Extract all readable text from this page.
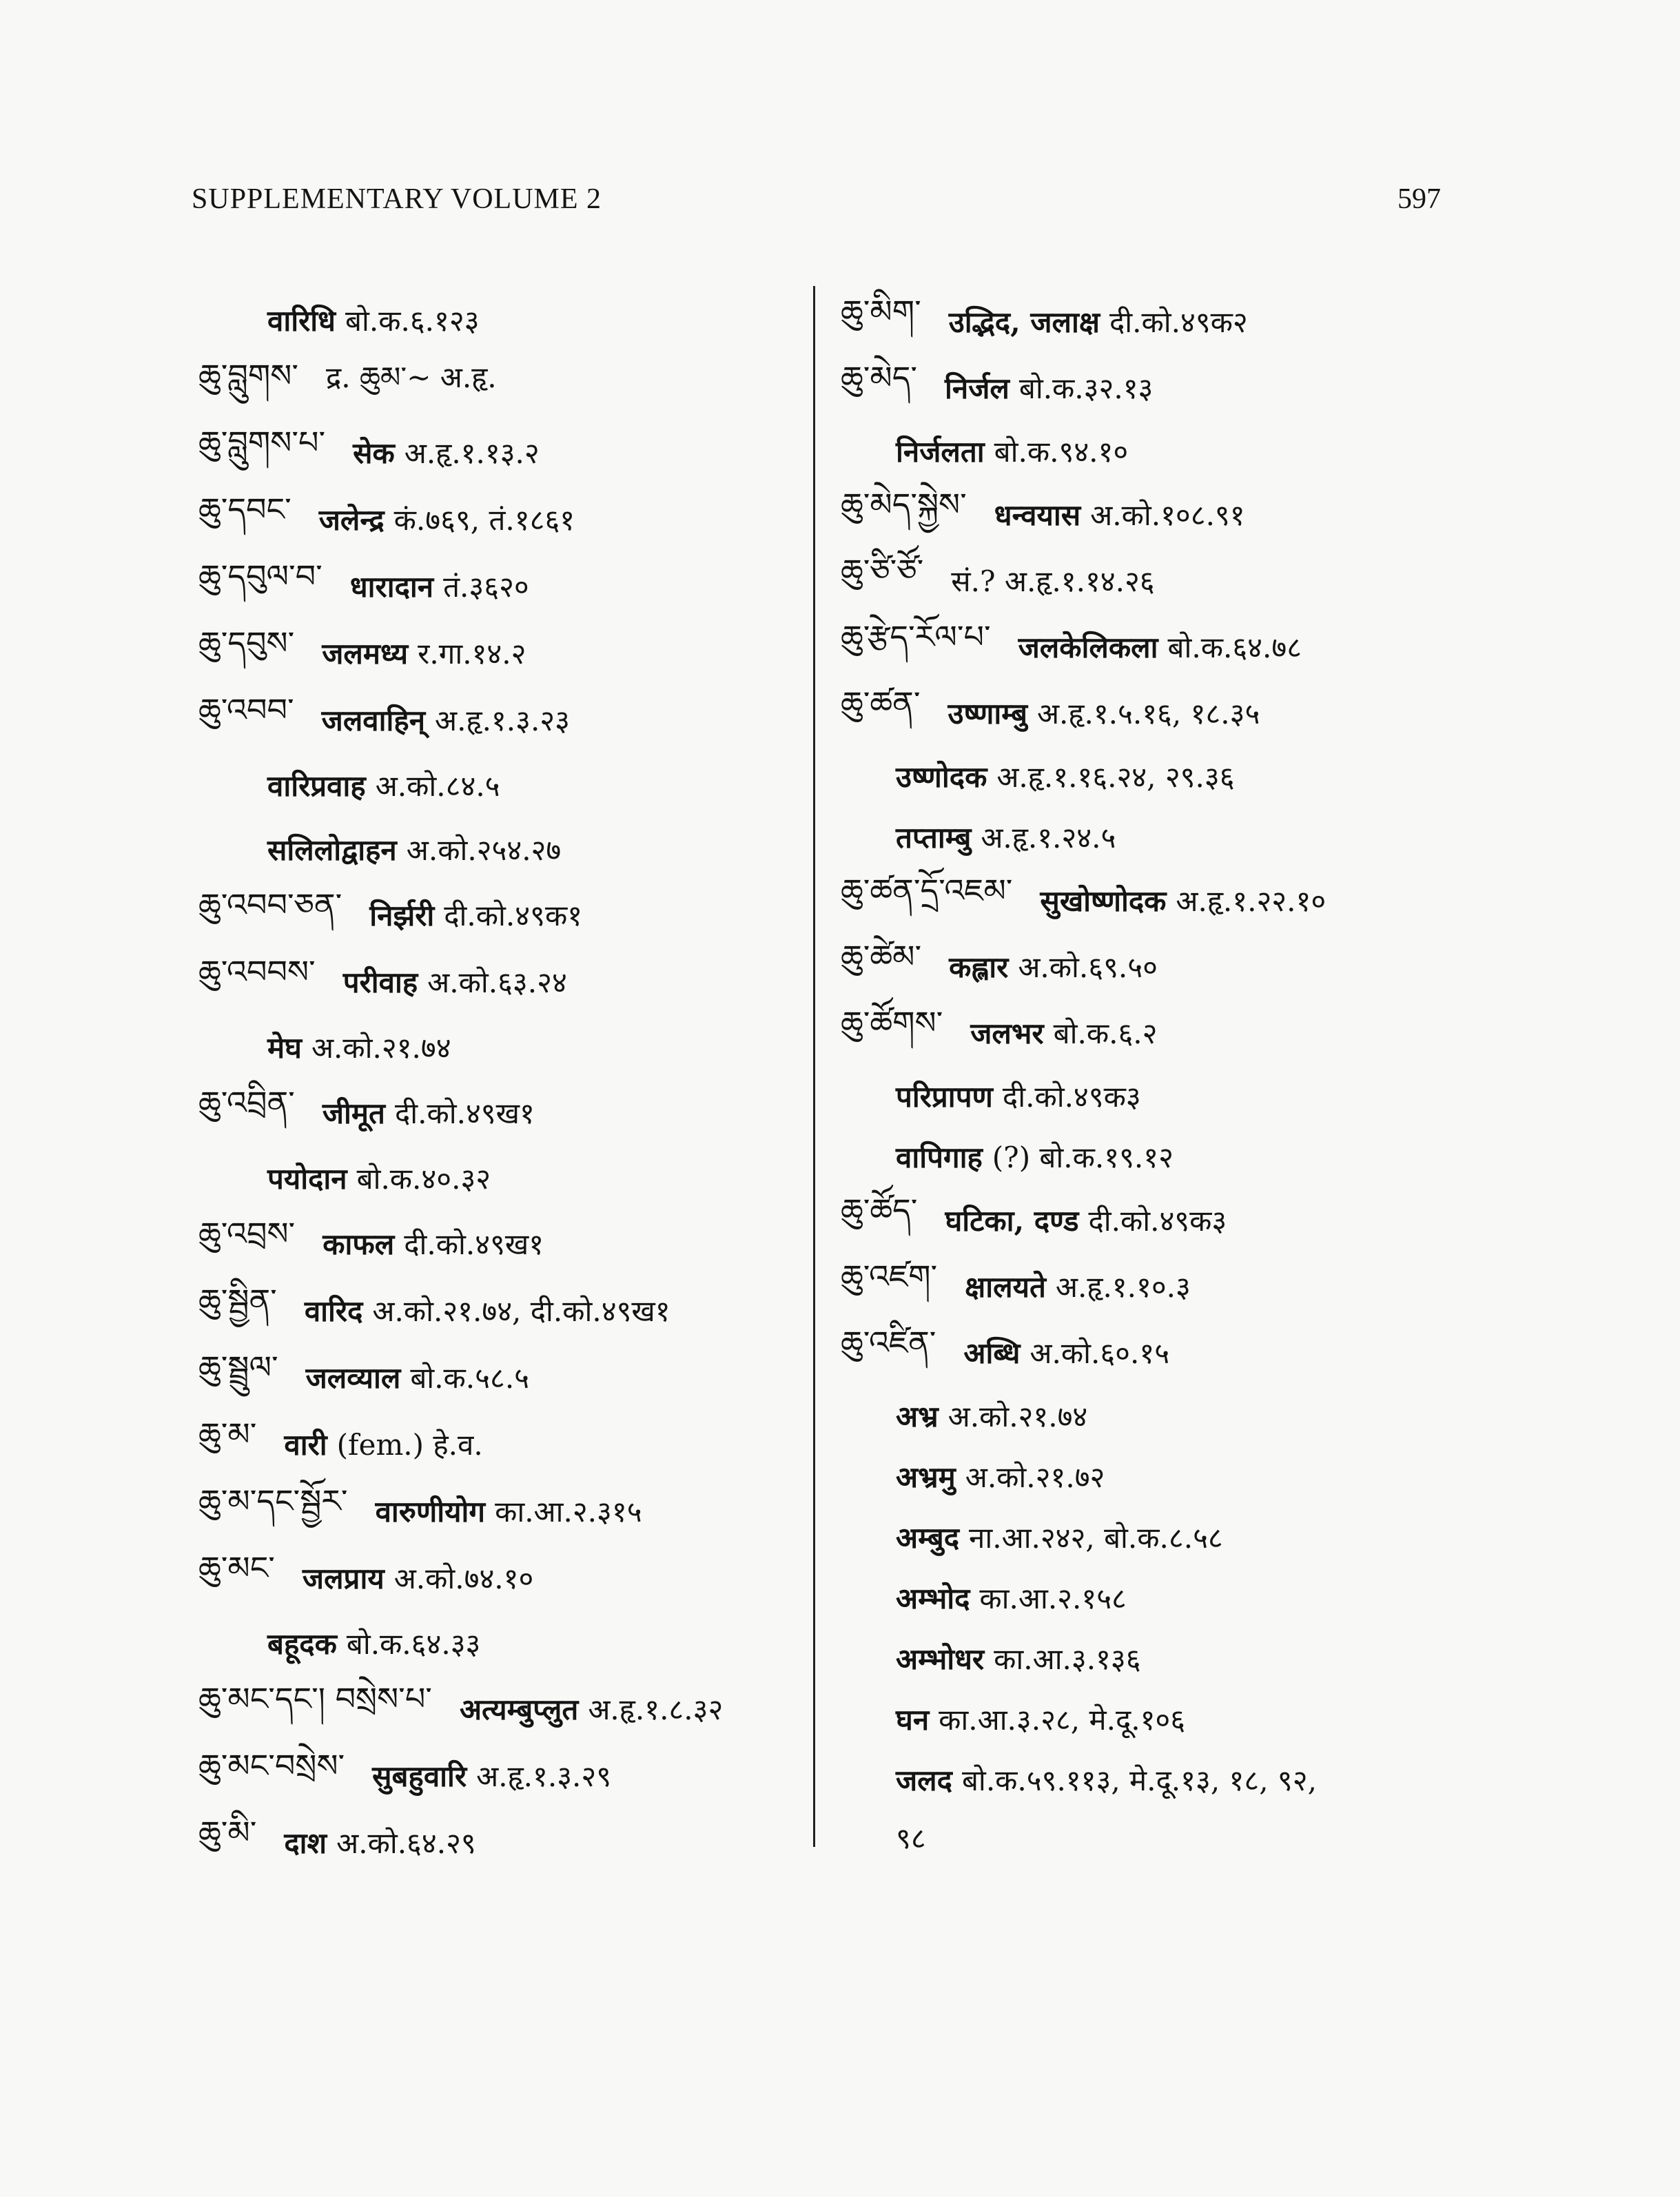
SUPPLEMENTARY VOLUME 2	597
वारिधि बो.क.६.१२३
ཆུ་བླུགས་ द्र. ཆུམ་~ अ.हृ.
ཆུ་བླུགས་པ་ सेक अ.हृ.१.१३.२
ཆུ་དབང་ जलेन्द्र कं.७६९, तं.१८६१
ཆུ་དབུལ་བ་ धारादान तं.३६२०
ཆུ་དབུས་ जलमध्य र.गा.१४.२
ཆུ་འབབ་ जलवाहिन् अ.हृ.१.३.२३
वारिप्रवाह अ.को.८४.५
सलिलोद्वाहन अ.को.२५४.२७
ཆུ་འབབ་ཅན་ निर्झरी दी.को.४९क१
ཆུ་འབབས་ परीवाह अ.को.६३.२४
मेघ अ.को.२१.७४
ཆུ་འབྲིན་ जीमूत दी.को.४९ख१
पयोदान बो.क.४०.३२
ཆུ་འབྲས་ काफल दी.को.४९ख१
ཆུ་སྦྱིན་ वारिद अ.को.२१.७४, दी.को.४९ख१
ཆུ་སྦྲུལ་ जलव्याल बो.क.५८.५
ཆུ་མ་ वारी (fem.) हे.व.
ཆུ་མ་དང་སྦྱོར་ वारुणीयोग का.आ.२.३१५
ཆུ་མང་ जलप्राय अ.को.७४.१०
बहूदक बो.क.६४.३३
ཆུ་མང་དང་། བསྲེས་པ་ अत्यम्बुप्लुत अ.हृ.१.८.३२
ཆུ་མང་བསྲེས་ सुबहुवारि अ.हृ.१.३.२९
ཆུ་མི་ दाश अ.को.६४.२९
ཆུ་མིག་ उद्भिद, जलाक्ष दी.को.४९क२
ཆུ་མེད་ निर्जल बो.क.३२.१३
निर्जलता बो.क.९४.१०
ཆུ་མེད་སྐྱེས་ धन्वयास अ.को.१०८.९१
ཆུ་ཙི་ཙོ་ सं.? अ.हृ.१.१४.२६
ཆུ་རྩེད་རོལ་པ་ जलकेलिकला बो.क.६४.७८
ཆུ་ཚན་ उष्णाम्बु अ.हृ.१.५.१६, १८.३५
उष्णोदक अ.हृ.१.१६.२४, २९.३६
तप्ताम्बु अ.हृ.१.२४.५
ཆུ་ཚན་དྲོ་འཇམ་ सुखोष्णोदक अ.हृ.१.२२.१०
ཆུ་ཚེམ་ कह्लार अ.को.६९.५०
ཆུ་ཚོགས་ जलभर बो.क.६.२
परिप्रापण दी.को.४९क३
वापिगाह (?) बो.क.१९.१२
ཆུ་ཚོད་ घटिका, दण्ड दी.को.४९क३
ཆུ་འཛག་ क्षालयते अ.हृ.१.१०.३
ཆུ་འཛིན་ अब्धि अ.को.६०.१५
अभ्र अ.को.२१.७४
अभ्रमु अ.को.२१.७२
अम्बुद ना.आ.२४२, बो.क.८.५८
अम्भोद का.आ.२.१५८
अम्भोधर का.आ.३.१३६
घन का.आ.३.२८, मे.दू.१०६
जलद बो.क.५९.११३, मे.दू.१३, १८, ९२,
९८
